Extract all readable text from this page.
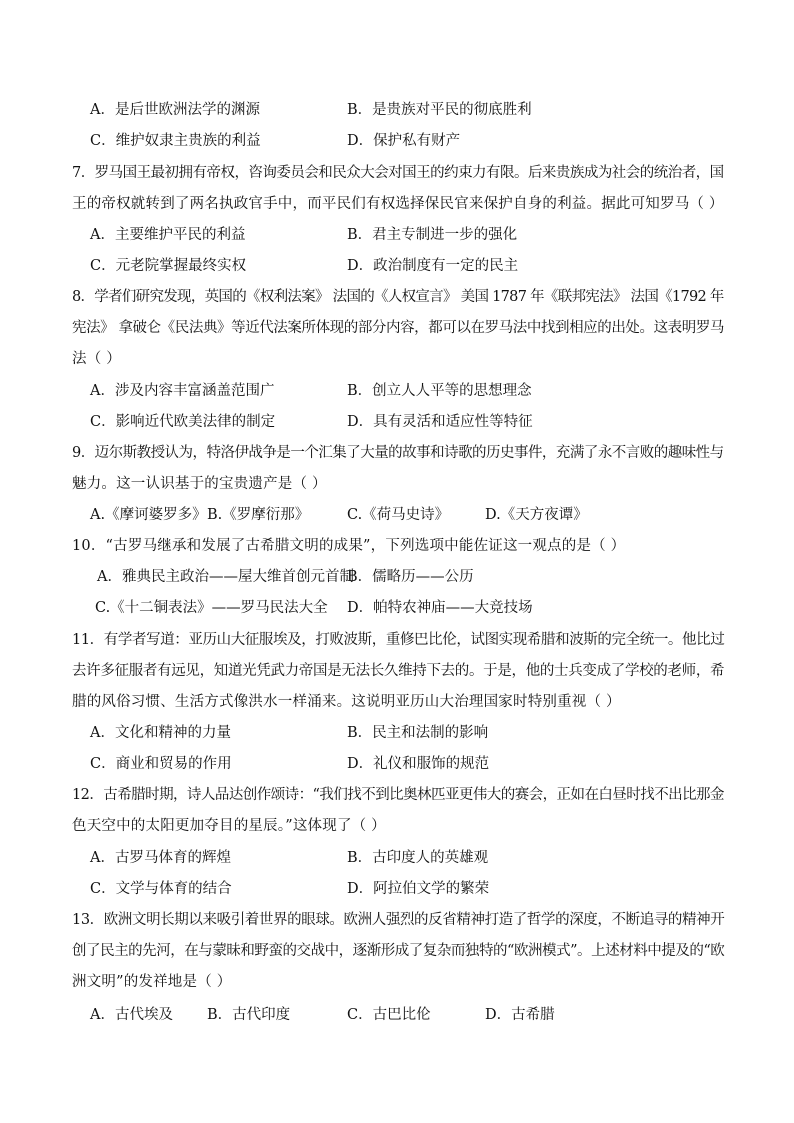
A．是后世欧洲法学的渊源	B．是贵族对平民的彻底胜利
C．维护奴隶主贵族的利益	D．保护私有财产
7．罗马国王最初拥有帝权，咨询委员会和民众大会对国王的约束力有限。后来贵族成为社会的统治者，国
王的帝权就转到了两名执政官手中，而平民们有权选择保民官来保护自身的利益。据此可知罗马（ ）
A．主要维护平民的利益	B．君主专制进一步的强化
C．元老院掌握最终实权	D．政治制度有一定的民主
8．学者们研究发现，英国的《权利法案》 法国的《人权宣言》 美国 1787 年《联邦宪法》 法国《1792 年
宪法》 拿破仑《民法典》等近代法案所体现的部分内容，都可以在罗马法中找到相应的出处。这表明罗马
法（ ）
A．涉及内容丰富涵盖范围广	B．创立人人平等的思想理念
C．影响近代欧美法律的制定	D．具有灵活和适应性等特征
9．迈尔斯教授认为，特洛伊战争是一个汇集了大量的故事和诗歌的历史事件，充满了永不言败的趣味性与
魅力。这一认识基于的宝贵遗产是（ ）
A.《摩诃婆罗多》 B.《罗摩衍那》	C.《荷马史诗》 D.《天方夜谭》
10．“古罗马继承和发展了古希腊文明的成果”，下列选项中能佐证这一观点的是（ ）
A．雅典民主政治——屋大维首创元首制
B．儒略历——公历
C.《十二铜表法》——罗马民法大全 D．帕特农神庙——大竞技场
11．有学者写道：亚历山大征服埃及，打败波斯，重修巴比伦，试图实现希腊和波斯的完全统一。他比过
去许多征服者有远见，知道光凭武力帝国是无法长久维持下去的。于是，他的士兵变成了学校的老师，希
腊的风俗习惯、生活方式像洪水一样涌来。这说明亚历山大治理国家时特别重视（ ）
A．文化和精神的力量	B．民主和法制的影响
C．商业和贸易的作用	D．礼仪和服饰的规范
12．古希腊时期，诗人品达创作颂诗：“我们找不到比奥林匹亚更伟大的赛会，正如在白昼时找不出比那金
色天空中的太阳更加夺目的星辰。”这体现了（ ）
A．古罗马体育的辉煌	B．古印度人的英雄观
C．文学与体育的结合	D．阿拉伯文学的繁荣
13．欧洲文明长期以来吸引着世界的眼球。欧洲人强烈的反省精神打造了哲学的深度，不断追寻的精神开
创了民主的先河，在与蒙昧和野蛮的交战中，逐渐形成了复杂而独特的“欧洲模式”。上述材料中提及的“欧
洲文明”的发祥地是（ ）
A．古代埃及 B．古代印度	C．古巴比伦	D．古希腊
